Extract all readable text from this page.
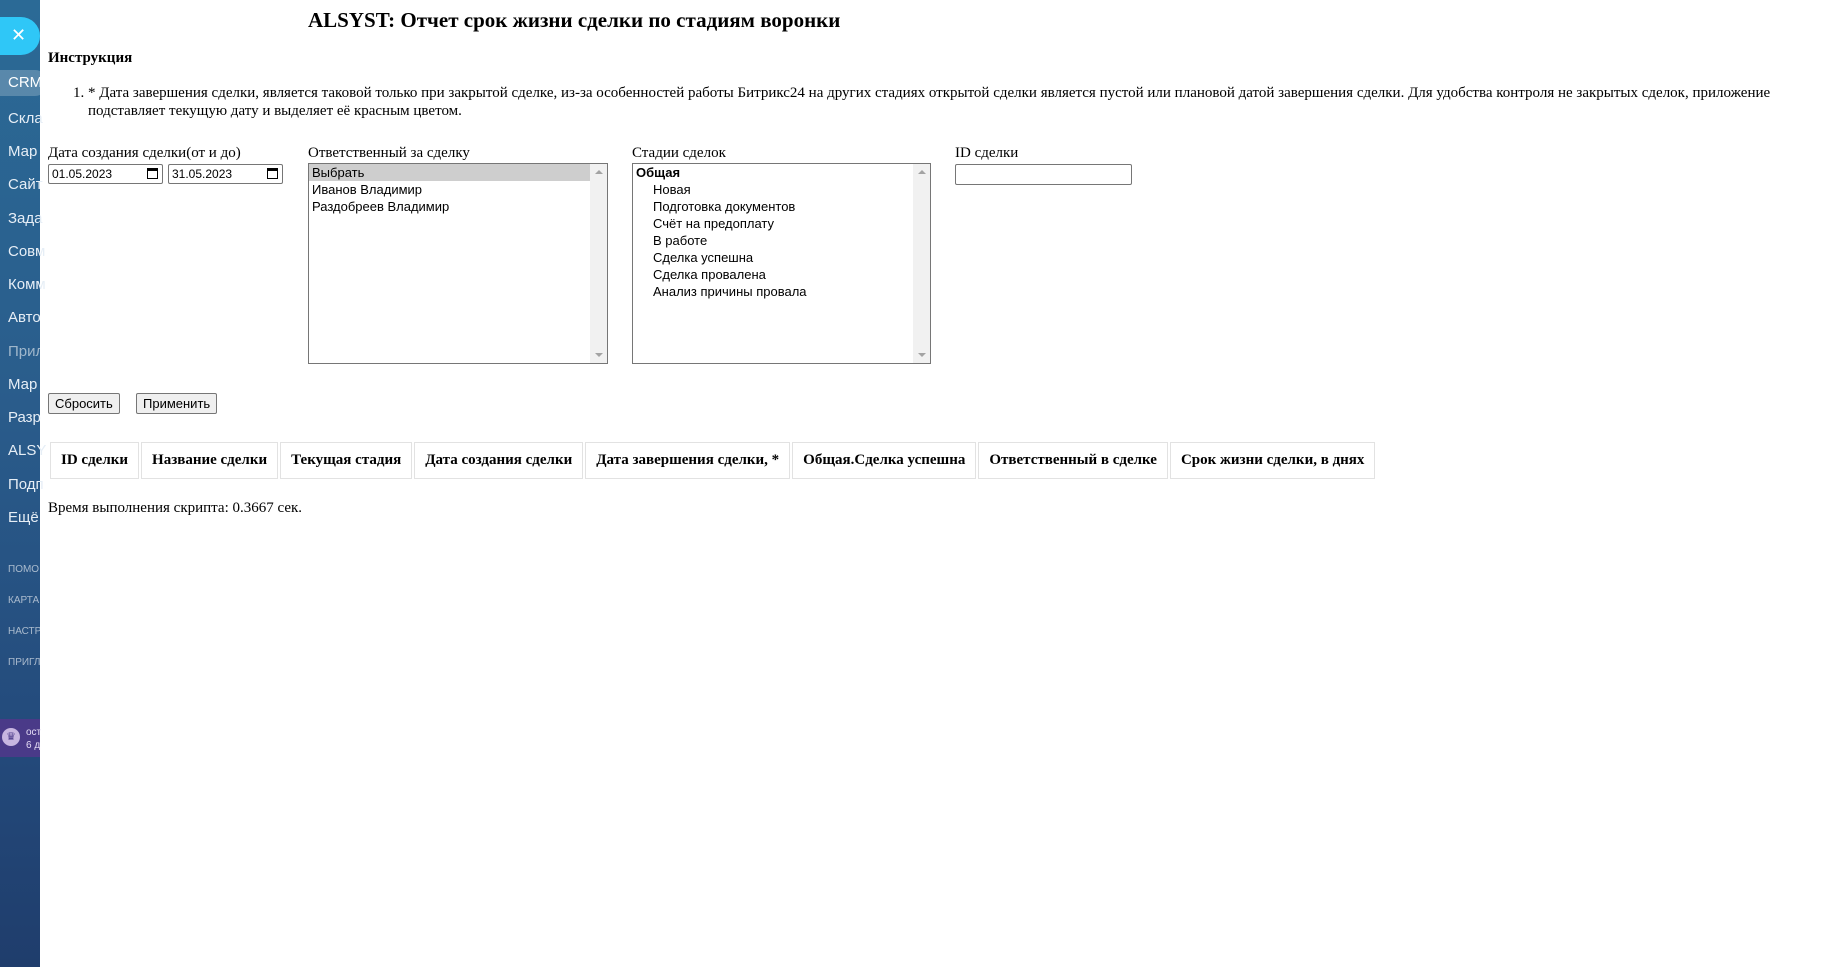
✕
CRM
Скла
Мар
Сайт
Зада
Совм
Комм
Авто
Прил
Мар
Разр
ALSY
Подп
Ещё
ПОМО
КАРТА
НАСТР
ПРИГЛ
♛	ост
6 д
ALSYST: Отчет срок жизни сделки по стадиям воронки
Инструкция
1. * Дата завершения сделки, является таковой только при закрытой сделке, из-за особенностей работы Битрикс24 на других стадиях открытой сделки является пустой или плановой датой завершения сделки. Для удобства контроля не закрытых сделок, приложение подставляет текущую дату и выделяет её красным цветом.
Дата создания сделки(от и до)
01.05.2023	31.05.2023
Ответственный за сделку
Выбрать
Иванов Владимир
Раздобреев Владимир
Стадии сделок
Общая
Новая
Подготовка документов
Счёт на предоплату
В работе
Сделка успешна
Сделка провалена
Анализ причины провала
ID сделки
Сбросить	Применить
ID сделки	Название сделки	Текущая стадия	Дата создания сделки	Дата завершения сделки, *	Общая.Сделка успешна	Ответственный в сделке	Срок жизни сделки, в днях
Время выполнения скрипта: 0.3667 сек.
